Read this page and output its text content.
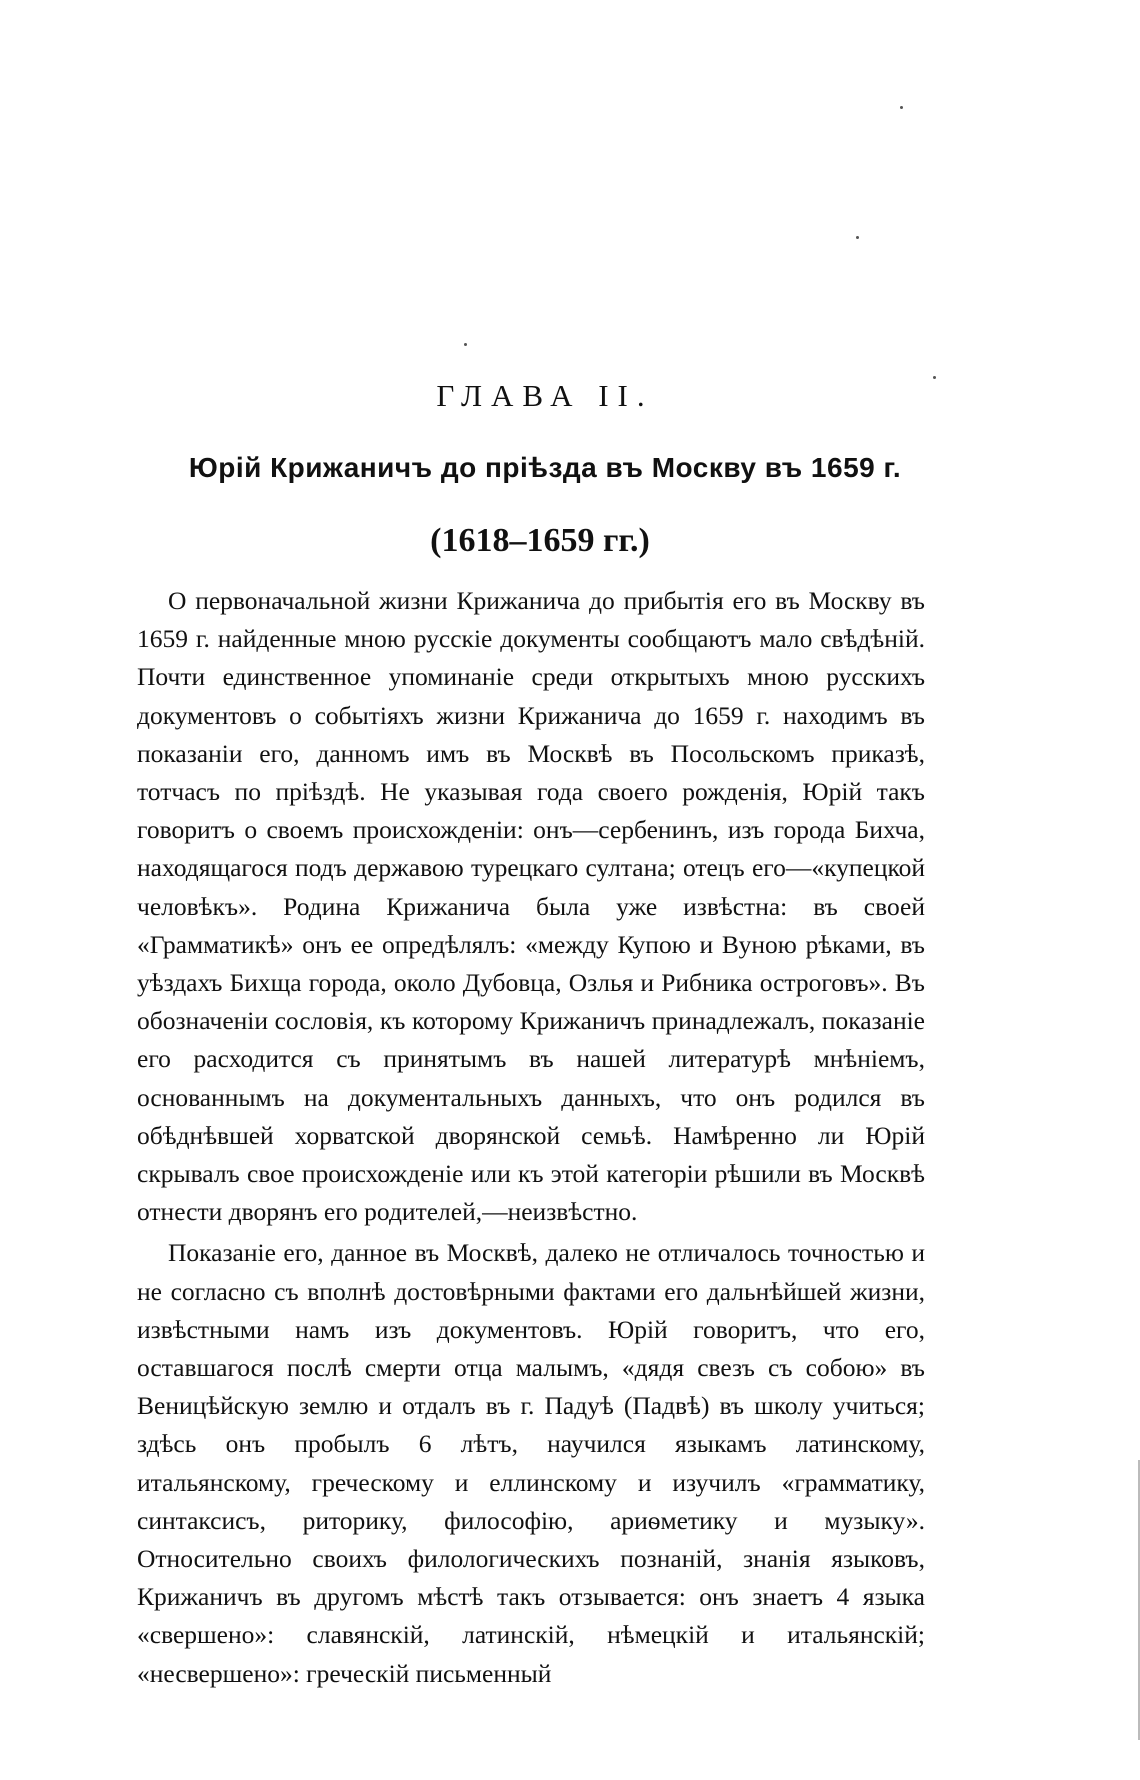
ГЛАВА II.
Юрій Крижаничъ до пріѣзда въ Москву въ 1659 г.
(1618–1659 гг.)

О первоначальной жизни Крижанича до прибытія его въ Москву въ 1659 г. найденные мною русскіе документы сообщаютъ мало свѣдѣній. Почти единственное упоминаніе среди открытыхъ мною русскихъ документовъ о событіяхъ жизни Крижанича до 1659 г. находимъ въ показаніи его, данномъ имъ въ Москвѣ въ Посольскомъ приказѣ, тотчасъ по пріѣздѣ. Не указывая года своего рожденія, Юрій такъ говоритъ о своемъ происхожденіи: онъ—сербенинъ, изъ города Бихча, находящагося подъ державою турецкаго султана; отецъ его—«купецкой человѣкъ». Родина Крижанича была уже извѣстна: въ своей «Грамматикѣ» онъ ее опредѣлялъ: «между Купою и Вуною рѣками, въ уѣздахъ Бихща города, около Дубовца, Озлья и Рибника остроговъ». Въ обозначеніи сословія, къ которому Крижаничъ принадлежалъ, показаніе его расходится съ принятымъ въ нашей литературѣ мнѣніемъ, основаннымъ на документальныхъ данныхъ, что онъ родился въ обѣднѣвшей хорватской дворянской семьѣ. Намѣренно ли Юрій скрывалъ свое происхожденіе или къ этой категоріи рѣшили въ Москвѣ отнести дворянъ его родителей,—неизвѣстно.

Показаніе его, данное въ Москвѣ, далеко не отличалось точностью и не согласно съ вполнѣ достовѣрными фактами его дальнѣйшей жизни, извѣстными намъ изъ документовъ. Юрій говоритъ, что его, оставшагося послѣ смерти отца малымъ, «дядя свезъ съ собою» въ Веницѣйскую землю и отдалъ въ г. Падуѣ (Падвѣ) въ школу учиться; здѣсь онъ пробылъ 6 лѣтъ, научился языкамъ латинскому, итальянскому, греческому и еллинскому и изучилъ «грамматику, синтаксисъ, риторику, философію, ариѳметику и музыку». Относительно своихъ филологическихъ познаній, знанія языковъ, Крижаничъ въ другомъ мѣстѣ такъ отзывается: онъ знаетъ 4 языка «свершено»: славянскій, латинскій, нѣмецкій и итальянскій; «несвершено»: греческій письменный
